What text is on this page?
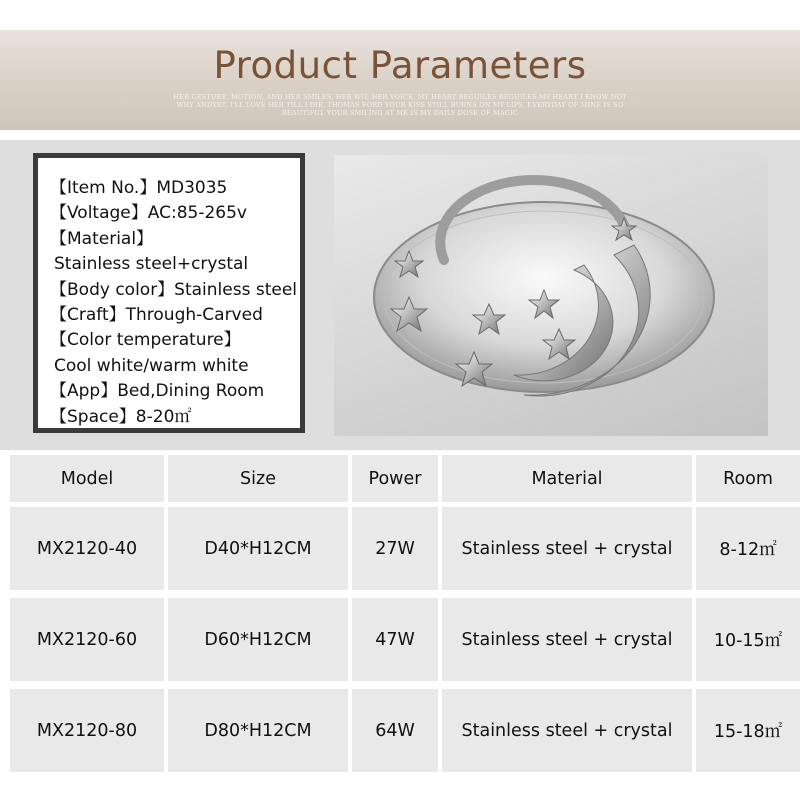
Product Parameters
HER GESTURE, MOTION, AND HER SMILES, HER WIT, HER VOICE, MY HEART BEGUILES BEGUILES MY HEART I KNOW NOT
WHY ANDYET, I'LL LOVE HER TILL I DIE. THOMAS FORD YOUR KISS STILL BURNS ON MY LIPS, EVERYDAY OF MINE IS SO
BEAUTIFUL YOUR SMILING AT ME IS MY DAILY DOSE OF MAGIC
【Item No.】MD3035
【Voltage】AC:85-265v
【Material】
Stainless steel+crystal
【Body color】Stainless steel
【Craft】Through-Carved
【Color temperature】
Cool white/warm white
【App】Bed,Dining Room
【Space】8-20㎡
Model	Size	Power	Material	Room
MX2120-40	D40*H12CM	27W	Stainless steel + crystal	8-12㎡
MX2120-60	D60*H12CM	47W	Stainless steel + crystal	10-15㎡
MX2120-80	D80*H12CM	64W	Stainless steel + crystal	15-18㎡
